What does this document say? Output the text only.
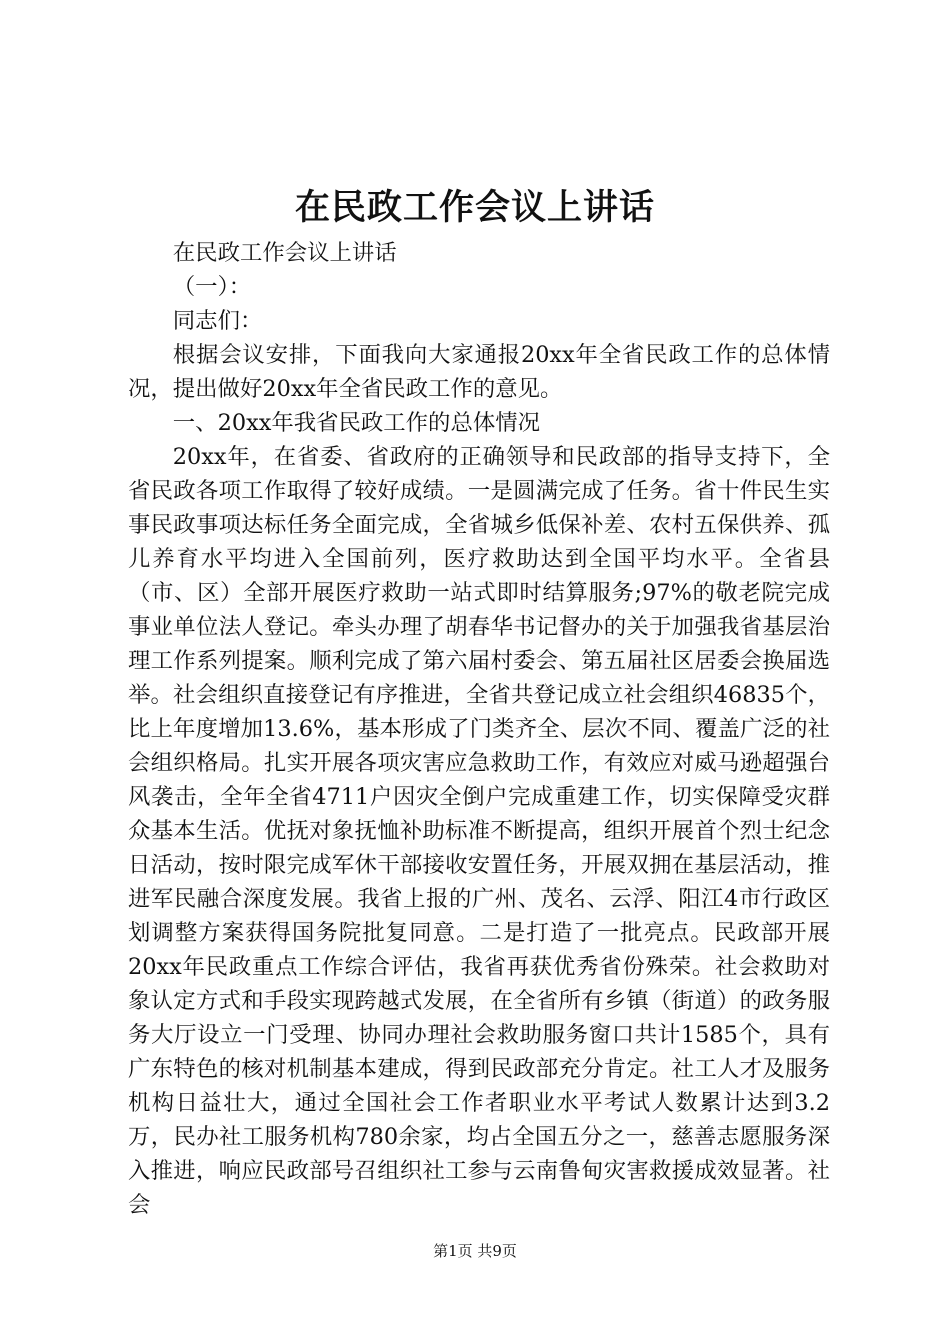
在民政工作会议上讲话

在民政工作会议上讲话

（一）：

同志们：

根据会议安排，下面我向大家通报20xx年全省民政工作的总体情况，提出做好20xx年全省民政工作的意见。

一、20xx年我省民政工作的总体情况

20xx年，在省委、省政府的正确领导和民政部的指导支持下，全省民政各项工作取得了较好成绩。一是圆满完成了任务。省十件民生实事民政事项达标任务全面完成，全省城乡低保补差、农村五保供养、孤儿养育水平均进入全国前列，医疗救助达到全国平均水平。全省县（市、区）全部开展医疗救助一站式即时结算服务;97%的敬老院完成事业单位法人登记。牵头办理了胡春华书记督办的关于加强我省基层治理工作系列提案。顺利完成了第六届村委会、第五届社区居委会换届选举。社会组织直接登记有序推进，全省共登记成立社会组织46835个，比上年度增加13.6%，基本形成了门类齐全、层次不同、覆盖广泛的社会组织格局。扎实开展各项灾害应急救助工作，有效应对威马逊超强台风袭击，全年全省4711户因灾全倒户完成重建工作，切实保障受灾群众基本生活。优抚对象抚恤补助标准不断提高，组织开展首个烈士纪念日活动，按时限完成军休干部接收安置任务，开展双拥在基层活动，推进军民融合深度发展。我省上报的广州、茂名、云浮、阳江4市行政区划调整方案获得国务院批复同意。二是打造了一批亮点。民政部开展20xx年民政重点工作综合评估，我省再获优秀省份殊荣。社会救助对象认定方式和手段实现跨越式发展，在全省所有乡镇（街道）的政务服务大厅设立一门受理、协同办理社会救助服务窗口共计1585个，具有广东特色的核对机制基本建成，得到民政部充分肯定。社工人才及服务机构日益壮大，通过全国社会工作者职业水平考试人数累计达到3.2万，民办社工服务机构780余家，均占全国五分之一，慈善志愿服务深入推进，响应民政部号召组织社工参与云南鲁甸灾害救援成效显著。社会

第1页 共9页
